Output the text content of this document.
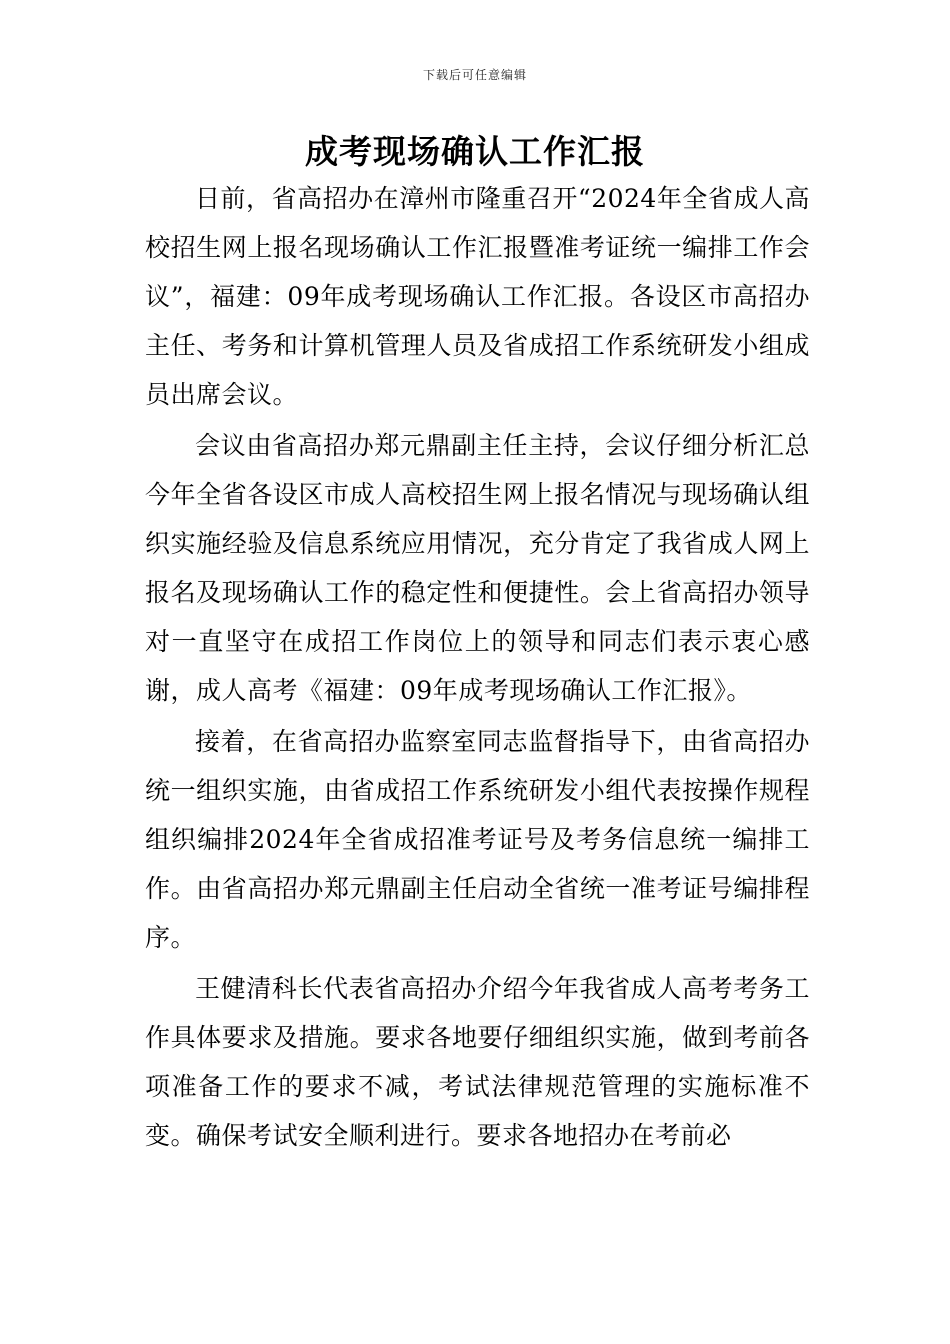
下载后可任意编辑
成考现场确认工作汇报

日前，省高招办在漳州市隆重召开“2024年全省成人高校招生网上报名现场确认工作汇报暨准考证统一编排工作会议”，福建：09年成考现场确认工作汇报。各设区市高招办主任、考务和计算机管理人员及省成招工作系统研发小组成员出席会议。

会议由省高招办郑元鼎副主任主持，会议仔细分析汇总今年全省各设区市成人高校招生网上报名情况与现场确认组织实施经验及信息系统应用情况，充分肯定了我省成人网上报名及现场确认工作的稳定性和便捷性。会上省高招办领导对一直坚守在成招工作岗位上的领导和同志们表示衷心感谢，成人高考《福建：09年成考现场确认工作汇报》。

接着，在省高招办监察室同志监督指导下，由省高招办统一组织实施，由省成招工作系统研发小组代表按操作规程组织编排2024年全省成招准考证号及考务信息统一编排工作。由省高招办郑元鼎副主任启动全省统一准考证号编排程序。

王健清科长代表省高招办介绍今年我省成人高考考务工作具体要求及措施。要求各地要仔细组织实施，做到考前各项准备工作的要求不减，考试法律规范管理的实施标准不变。确保考试安全顺利进行。要求各地招办在考前必
